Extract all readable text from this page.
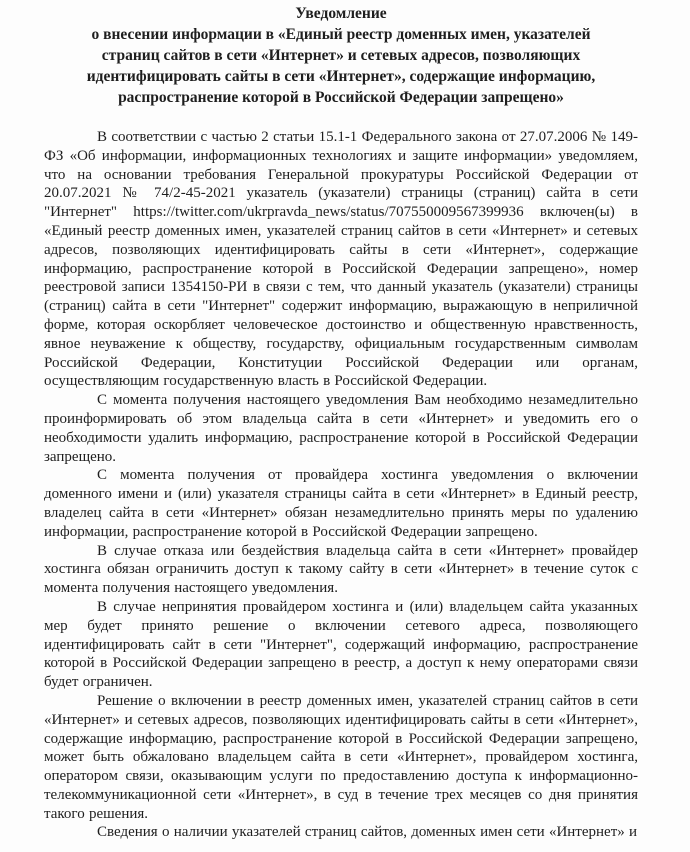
Уведомление
о внесении информации в «Единый реестр доменных имен, указателей страниц сайтов в сети «Интернет» и сетевых адресов, позволяющих идентифицировать сайты в сети «Интернет», содержащие информацию, распространение которой в Российской Федерации запрещено»

В соответствии с частью 2 статьи 15.1-1 Федерального закона от 27.07.2006 № 149-ФЗ «Об информации, информационных технологиях и защите информации» уведомляем, что на основании требования Генеральной прокуратуры Российской Федерации от 20.07.2021 № 74/2-45-2021 указатель (указатели) страницы (страниц) сайта в сети "Интернет" https://twitter.com/ukrpravda_news/status/707550009567399936 включен(ы) в «Единый реестр доменных имен, указателей страниц сайтов в сети «Интернет» и сетевых адресов, позволяющих идентифицировать сайты в сети «Интернет», содержащие информацию, распространение которой в Российской Федерации запрещено», номер реестровой записи 1354150-РИ в связи с тем, что данный указатель (указатели) страницы (страниц) сайта в сети "Интернет" содержит информацию, выражающую в неприличной форме, которая оскорбляет человеческое достоинство и общественную нравственность, явное неуважение к обществу, государству, официальным государственным символам Российской Федерации, Конституции Российской Федерации или органам, осуществляющим государственную власть в Российской Федерации.

С момента получения настоящего уведомления Вам необходимо незамедлительно проинформировать об этом владельца сайта в сети «Интернет» и уведомить его о необходимости удалить информацию, распространение которой в Российской Федерации запрещено.

С момента получения от провайдера хостинга уведомления о включении доменного имени и (или) указателя страницы сайта в сети «Интернет» в Единый реестр, владелец сайта в сети «Интернет» обязан незамедлительно принять меры по удалению информации, распространение которой в Российской Федерации запрещено.

В случае отказа или бездействия владельца сайта в сети «Интернет» провайдер хостинга обязан ограничить доступ к такому сайту в сети «Интернет» в течение суток с момента получения настоящего уведомления.

В случае непринятия провайдером хостинга и (или) владельцем сайта указанных мер будет принято решение о включении сетевого адреса, позволяющего идентифицировать сайт в сети "Интернет", содержащий информацию, распространение которой в Российской Федерации запрещено в реестр, а доступ к нему операторами связи будет ограничен.

Решение о включении в реестр доменных имен, указателей страниц сайтов в сети «Интернет» и сетевых адресов, позволяющих идентифицировать сайты в сети «Интернет», содержащие информацию, распространение которой в Российской Федерации запрещено, может быть обжаловано владельцем сайта в сети «Интернет», провайдером хостинга, оператором связи, оказывающим услуги по предоставлению доступа к информационно-телекоммуникационной сети «Интернет», в суд в течение трех месяцев со дня принятия такого решения.

Сведения о наличии указателей страниц сайтов, доменных имен сети «Интернет» и
